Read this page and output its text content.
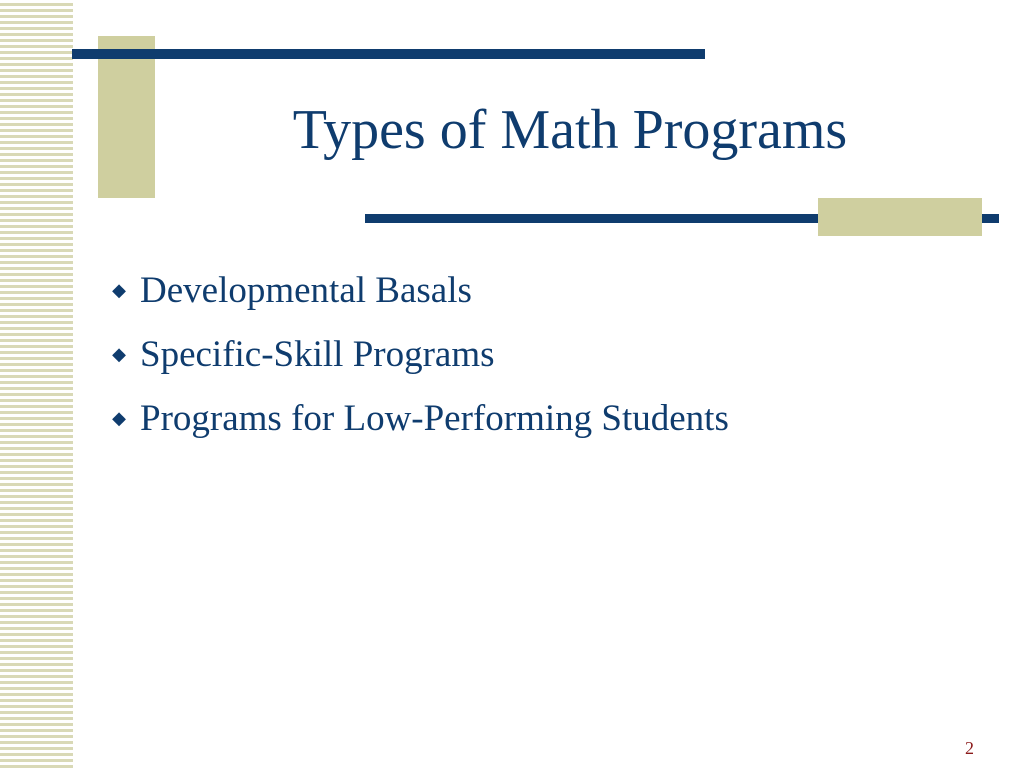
Types of Math Programs
◆ Developmental Basals
◆ Specific-Skill Programs
◆ Programs for Low-Performing Students
2
